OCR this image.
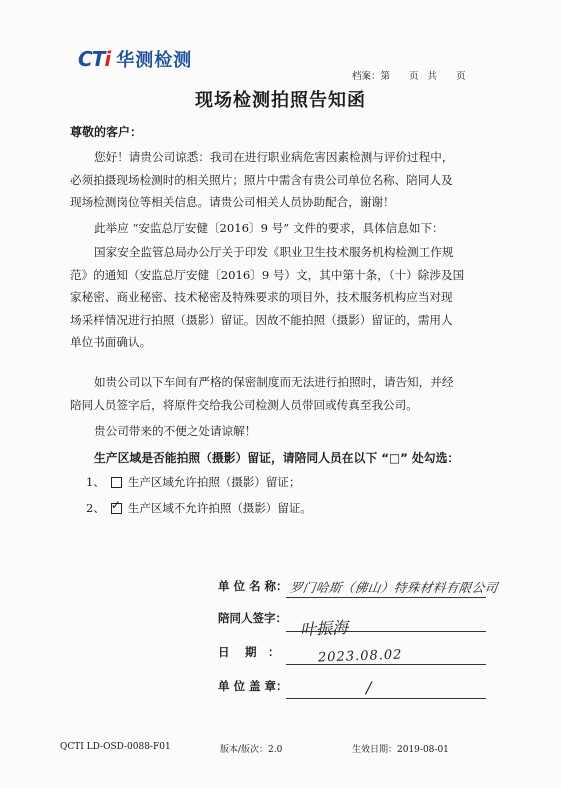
CTi 华测检测
档案：第　　页 共　　页
现场检测拍照告知函
尊敬的客户：
您好！请贵公司谅悉：我司在进行职业病危害因素检测与评价过程中，
必须拍摄现场检测时的相关照片；照片中需含有贵公司单位名称、陪同人及
现场检测岗位等相关信息。请贵公司相关人员协助配合，谢谢！
此举应 “安监总厅安健〔2016〕9 号” 文件的要求，具体信息如下：
国家安全监管总局办公厅关于印发《职业卫生技术服务机构检测工作规
范》的通知（安监总厅安健〔2016〕9 号）文，其中第十条，（十）除涉及国
家秘密、商业秘密、技术秘密及特殊要求的项目外，技术服务机构应当对现
场采样情况进行拍照（摄影）留证。因故不能拍照（摄影）留证的，需用人
单位书面确认。
如贵公司以下车间有严格的保密制度而无法进行拍照时，请告知，并经
陪同人员签字后，将原件交给我公司检测人员带回或传真至我公司。
贵公司带来的不便之处请谅解！
生产区域是否能拍照（摄影）留证，请陪同人员在以下 “□” 处勾选：
1、 生产区域允许拍照（摄影）留证；
2、 ✓ 生产区域不允许拍照（摄影）留证。
单 位 名 称： 罗门哈斯（佛山）特殊材料有限公司
陪同人签字： 叶振海
日　 期　：	2023.08.02
单 位 盖 章：	/
QCTI LD-OSD-0088-F01	版本/版次：2.0	生效日期：2019-08-01
